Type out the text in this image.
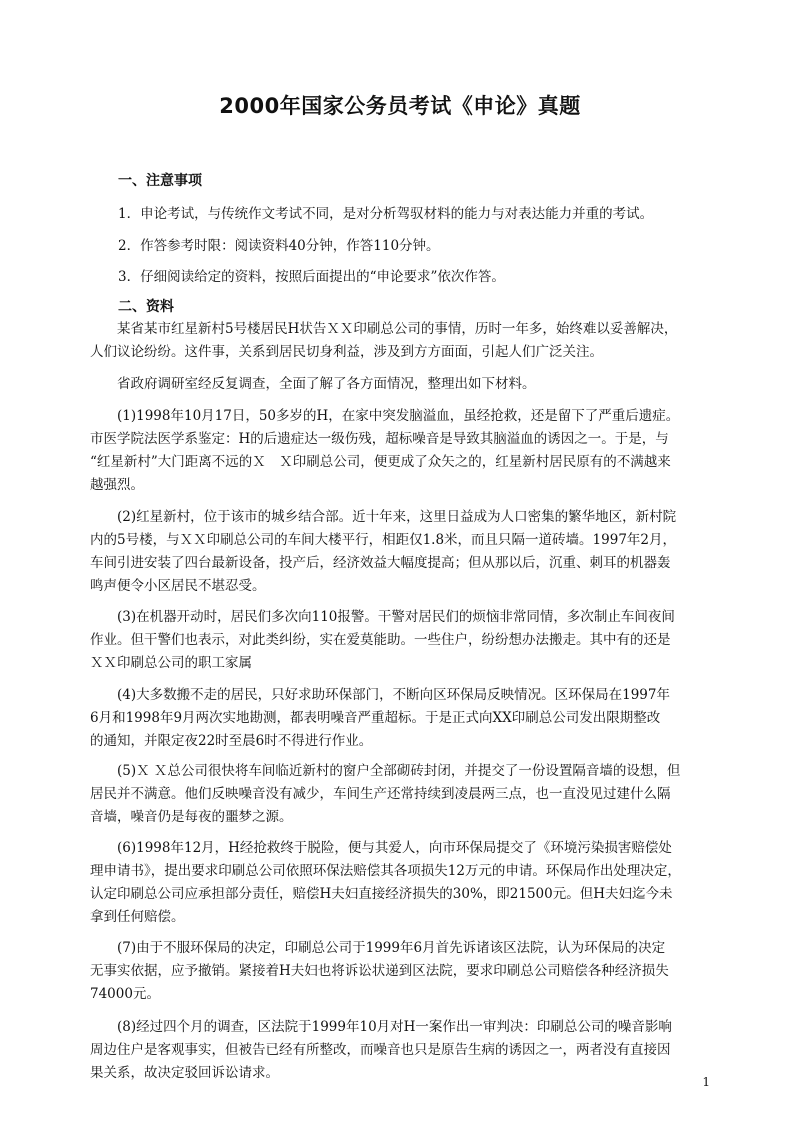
2000年国家公务员考试《申论》真题
一、注意事项
1．申论考试，与传统作文考试不同，是对分析驾驭材料的能力与对表达能力并重的考试。
2．作答参考时限：阅读资料40分钟，作答110分钟。
3．仔细阅读给定的资料，按照后面提出的“申论要求”依次作答。
二、资料
某省某市红星新村5号楼居民H状告ＸＸ印刷总公司的事情，历时一年多，始终难以妥善解决，
人们议论纷纷。这件事，关系到居民切身利益，涉及到方方面面，引起人们广泛关注。
省政府调研室经反复调查，全面了解了各方面情况，整理出如下材料。
(1)1998年10月17日，50多岁的H，在家中突发脑溢血，虽经抢救，还是留下了严重后遗症。
市医学院法医学系鉴定：H的后遗症达一级伤残，超标噪音是导致其脑溢血的诱因之一。于是，与
“红星新村”大门距离不远的Ｘ　Ｘ印刷总公司，便更成了众矢之的，红星新村居民原有的不满越来
越强烈。
(2)红星新村，位于该市的城乡结合部。近十年来，这里日益成为人口密集的繁华地区，新村院
内的5号楼，与ＸＸ印刷总公司的车间大楼平行，相距仅1.8米，而且只隔一道砖墙。1997年2月，
车间引进安装了四台最新设备，投产后，经济效益大幅度提高；但从那以后，沉重、刺耳的机器轰
鸣声便令小区居民不堪忍受。
(3)在机器开动时，居民们多次向110报警。干警对居民们的烦恼非常同情，多次制止车间夜间
作业。但干警们也表示，对此类纠纷，实在爱莫能助。一些住户，纷纷想办法搬走。其中有的还是
ＸＸ印刷总公司的职工家属
(4)大多数搬不走的居民，只好求助环保部门，不断向区环保局反映情况。区环保局在1997年
6月和1998年9月两次实地勘测，都表明噪音严重超标。于是正式向XX印刷总公司发出限期整改
的通知，并限定夜22时至晨6时不得进行作业。
(5)Ｘ Ｘ总公司很快将车间临近新村的窗户全部砌砖封闭，并提交了一份设置隔音墙的设想，但
居民并不满意。他们反映噪音没有减少，车间生产还常持续到凌晨两三点，也一直没见过建什么隔
音墙，噪音仍是每夜的噩梦之源。
(6)1998年12月，H经抢救终于脱险，便与其爱人，向市环保局提交了《环境污染损害赔偿处
理申请书》，提出要求印刷总公司依照环保法赔偿其各项损失12万元的申请。环保局作出处理决定，
认定印刷总公司应承担部分责任，赔偿H夫妇直接经济损失的30%，即21500元。但H夫妇迄今未
拿到任何赔偿。
(7)由于不服环保局的决定，印刷总公司于1999年6月首先诉诸该区法院，认为环保局的决定
无事实依据，应予撤销。紧接着H夫妇也将诉讼状递到区法院，要求印刷总公司赔偿各种经济损失
74000元。
(8)经过四个月的调查，区法院于1999年10月对H一案作出一审判决：印刷总公司的噪音影响
周边住户是客观事实，但被告已经有所整改，而噪音也只是原告生病的诱因之一，两者没有直接因
果关系，故决定驳回诉讼请求。
1
